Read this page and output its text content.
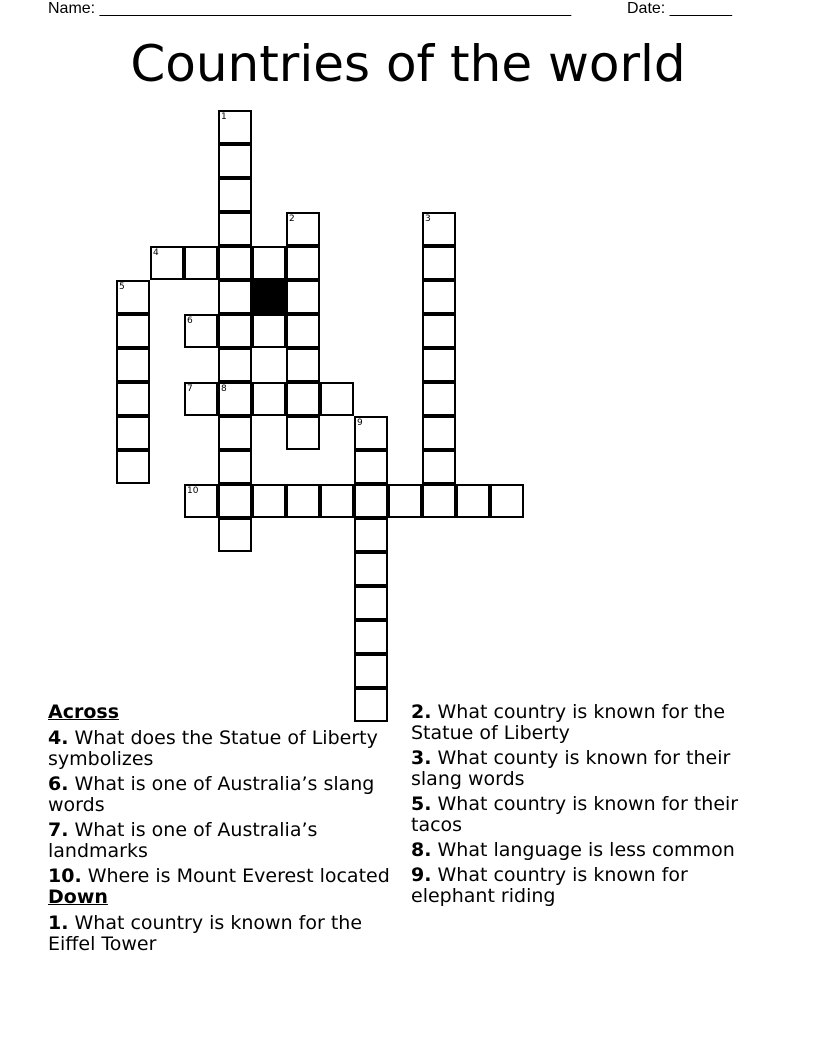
Name: _____________________________________________________	Date: _______
Countries of the world
1
8
2	3
4
5
6
7
9
10
Across
4. What does the Statue of Liberty symbolizes
6. What is one of Australia’s slang words
7. What is one of Australia’s landmarks
10. Where is Mount Everest located
Down
1. What country is known for the Eiffel Tower
2. What country is known for the Statue of Liberty
3. What county is known for their slang words
5. What country is known for their tacos
8. What language is less common
9. What country is known for elephant riding
